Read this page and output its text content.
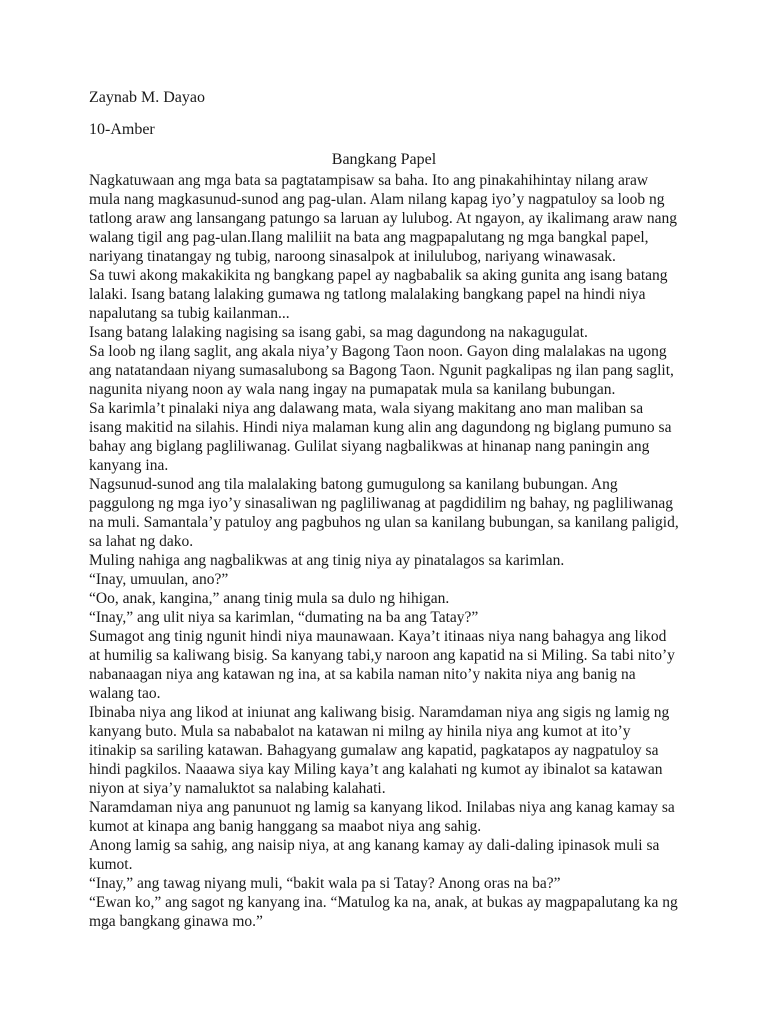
Zaynab M. Dayao
10-Amber
Bangkang Papel

Nagkatuwaan ang mga bata sa pagtatampisaw sa baha. Ito ang pinakahihintay nilang araw mula nang magkasunud-sunod ang pag-ulan. Alam nilang kapag iyo’y nagpatuloy sa loob ng tatlong araw ang lansangang patungo sa laruan ay lulubog. At ngayon, ay ikalimang araw nang walang tigil ang pag-ulan.Ilang maliliit na bata ang magpapalutang ng mga bangkal papel, nariyang tinatangay ng tubig, naroong sinasalpok at inilulubog, nariyang winawasak.

Sa tuwi akong makakikita ng bangkang papel ay nagbabalik sa aking gunita ang isang batang lalaki. Isang batang lalaking gumawa ng tatlong malalaking bangkang papel na hindi niya napalutang sa tubig kailanman...

Isang batang lalaking nagising sa isang gabi, sa mag dagundong na nakagugulat.

Sa loob ng ilang saglit, ang akala niya’y Bagong Taon noon. Gayon ding malalakas na ugong ang natatandaan niyang sumasalubong sa Bagong Taon. Ngunit pagkalipas ng ilan pang saglit, nagunita niyang noon ay wala nang ingay na pumapatak mula sa kanilang bubungan.

Sa karimla’t pinalaki niya ang dalawang mata, wala siyang makitang ano man maliban sa isang makitid na silahis. Hindi niya malaman kung alin ang dagundong ng biglang pumuno sa bahay ang biglang pagliliwanag. Gulilat siyang nagbalikwas at hinanap nang paningin ang kanyang ina.

Nagsunud-sunod ang tila malalaking batong gumugulong sa kanilang bubungan. Ang paggulong ng mga iyo’y sinasaliwan ng pagliliwanag at pagdidilim ng bahay, ng pagliliwanag na muli. Samantala’y patuloy ang pagbuhos ng ulan sa kanilang bubungan, sa kanilang paligid, sa lahat ng dako.

Muling nahiga ang nagbalikwas at ang tinig niya ay pinatalagos sa karimlan.

“Inay, umuulan, ano?”

“Oo, anak, kangina,” anang tinig mula sa dulo ng hihigan.

“Inay,” ang ulit niya sa karimlan, “dumating na ba ang Tatay?”

Sumagot ang tinig ngunit hindi niya maunawaan. Kaya’t itinaas niya nang bahagya ang likod at humilig sa kaliwang bisig. Sa kanyang tabi,y naroon ang kapatid na si Miling. Sa tabi nito’y nabanaagan niya ang katawan ng ina, at sa kabila naman nito’y nakita niya ang banig na walang tao.

Ibinaba niya ang likod at iniunat ang kaliwang bisig. Naramdaman niya ang sigis ng lamig ng kanyang buto. Mula sa nababalot na katawan ni milng ay hinila niya ang kumot at ito’y itinakip sa sariling katawan. Bahagyang gumalaw ang kapatid, pagkatapos ay nagpatuloy sa hindi pagkilos. Naaawa siya kay Miling kaya’t ang kalahati ng kumot ay ibinalot sa katawan niyon at siya’y namaluktot sa nalabing kalahati.

Naramdaman niya ang panunuot ng lamig sa kanyang likod. Inilabas niya ang kanag kamay sa kumot at kinapa ang banig hanggang sa maabot niya ang sahig.

Anong lamig sa sahig, ang naisip niya, at ang kanang kamay ay dali-daling ipinasok muli sa kumot.

“Inay,” ang tawag niyang muli, “bakit wala pa si Tatay? Anong oras na ba?”

“Ewan ko,” ang sagot ng kanyang ina. “Matulog ka na, anak, at bukas ay magpapalutang ka ng mga bangkang ginawa mo.”
